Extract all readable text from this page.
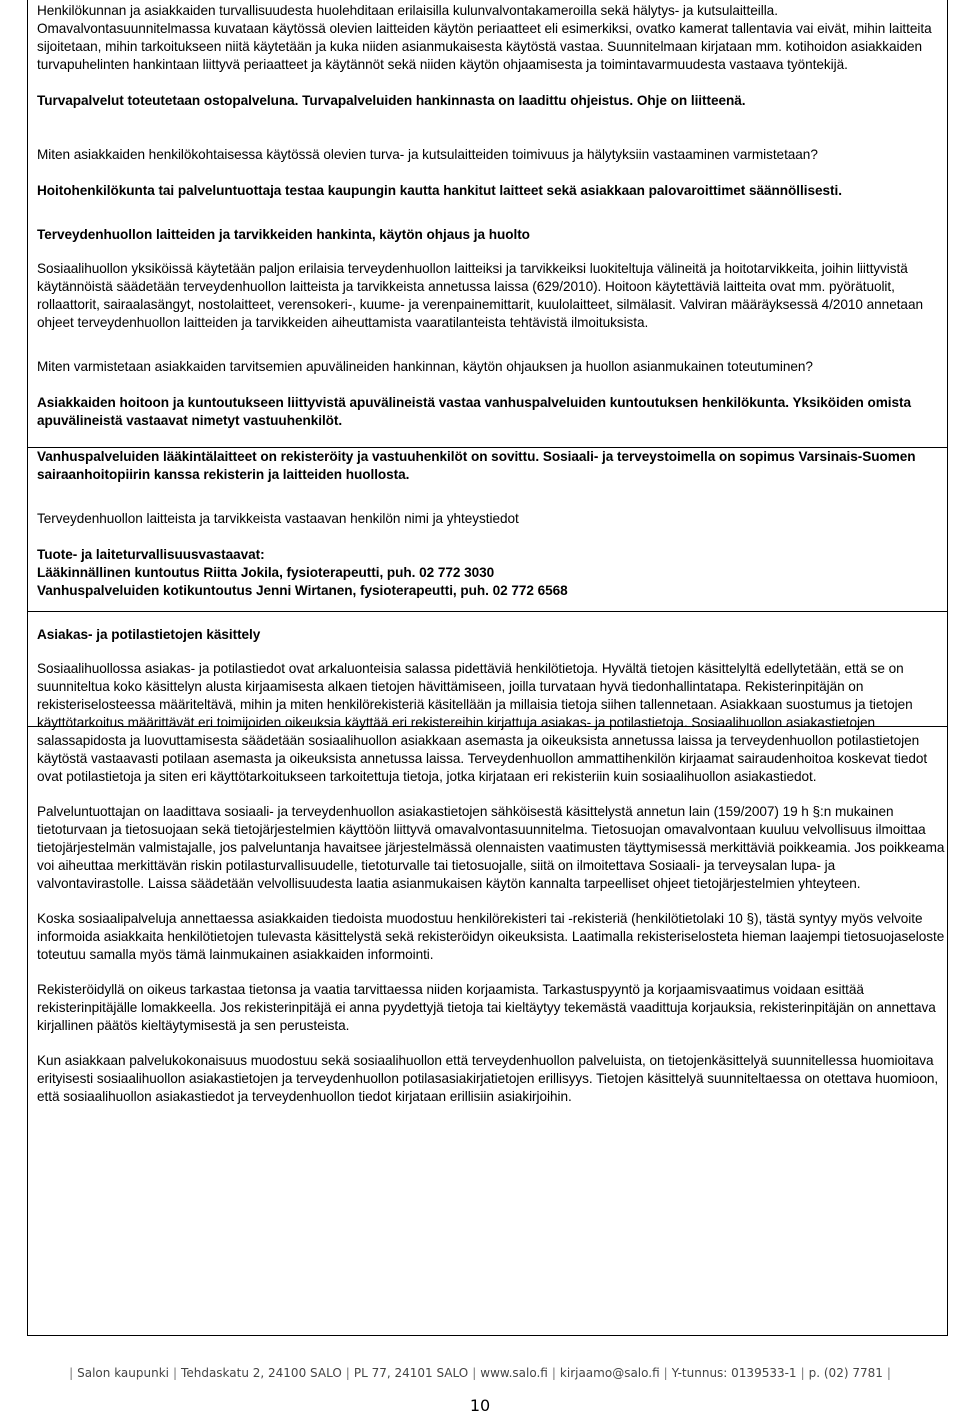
Henkilökunnan ja asiakkaiden turvallisuudesta huolehditaan erilaisilla kulunvalvontakameroilla sekä hälytys- ja kutsulaitteilla. Omavalvontasuunnitelmassa kuvataan käytössä olevien laitteiden käytön periaatteet eli esimerkiksi, ovatko kamerat tallentavia vai eivät, mihin laitteita sijoitetaan, mihin tarkoitukseen niitä käytetään ja kuka niiden asianmukaisesta käytöstä vastaa. Suunnitelmaan kirjataan mm. kotihoidon asiakkaiden turvapuhelinten hankintaan liittyvä periaatteet ja käytännöt sekä niiden käytön ohjaamisesta ja toimintavarmuudesta vastaava työntekijä.

Turvapalvelut toteutetaan ostopalveluna. Turvapalveluiden hankinnasta on laadittu ohjeistus. Ohje on liitteenä.

Miten asiakkaiden henkilökohtaisessa käytössä olevien turva- ja kutsulaitteiden toimivuus ja hälytyksiin vastaaminen varmistetaan?

Hoitohenkilökunta tai palveluntuottaja testaa kaupungin kautta hankitut laitteet sekä asiakkaan palovaroittimet säännöllisesti.

Terveydenhuollon laitteiden ja tarvikkeiden hankinta, käytön ohjaus ja huolto

Sosiaalihuollon yksiköissä käytetään paljon erilaisia terveydenhuollon laitteiksi ja tarvikkeiksi luokiteltuja välineitä ja hoitotarvikkeita, joihin liittyvistä käytännöistä säädetään terveydenhuollon laitteista ja tarvikkeista annetussa laissa (629/2010). Hoitoon käytettäviä laitteita ovat mm. pyörätuolit, rollaattorit, sairaalasängyt, nostolaitteet, verensokeri-, kuume- ja verenpainemittarit, kuulolaitteet, silmälasit. Valviran määräyksessä 4/2010 annetaan ohjeet terveydenhuollon laitteiden ja tarvikkeiden aiheuttamista vaaratilanteista tehtävistä ilmoituksista.

Miten varmistetaan asiakkaiden tarvitsemien apuvälineiden hankinnan, käytön ohjauksen ja huollon asianmukainen toteutuminen?

Asiakkaiden hoitoon ja kuntoutukseen liittyvistä apuvälineistä vastaa vanhuspalveluiden kuntoutuksen henkilökunta. Yksiköiden omista apuvälineistä vastaavat nimetyt vastuuhenkilöt.

Vanhuspalveluiden lääkintälaitteet on rekisteröity ja vastuuhenkilöt on sovittu. Sosiaali- ja terveystoimella on sopimus Varsinais-Suomen sairaanhoitopiirin kanssa rekisterin ja laitteiden huollosta.

Terveydenhuollon laitteista ja tarvikkeista vastaavan henkilön nimi ja yhteystiedot

Tuote- ja laiteturvallisuusvastaavat:

Lääkinnällinen kuntoutus Riitta Jokila, fysioterapeutti, puh. 02 772 3030

Vanhuspalveluiden kotikuntoutus Jenni Wirtanen, fysioterapeutti, puh. 02 772 6568

Asiakas- ja potilastietojen käsittely

Sosiaalihuollossa asiakas- ja potilastiedot ovat arkaluonteisia salassa pidettäviä henkilötietoja. Hyvältä tietojen käsittelyltä edellytetään, että se on suunniteltua koko käsittelyn alusta kirjaamisesta alkaen tietojen hävittämiseen, joilla turvataan hyvä tiedonhallintatapa. Rekisterinpitäjän on rekisteriselosteessa määriteltävä, mihin ja miten henkilörekisteriä käsitellään ja millaisia tietoja siihen tallennetaan. Asiakkaan suostumus ja tietojen käyttötarkoitus määrittävät eri toimijoiden oikeuksia käyttää eri rekistereihin kirjattuja asiakas- ja potilastietoja. Sosiaalihuollon asiakastietojen salassapidosta ja luovuttamisesta säädetään sosiaalihuollon asiakkaan asemasta ja oikeuksista annetussa laissa ja terveydenhuollon potilastietojen käytöstä vastaavasti potilaan asemasta ja oikeuksista annetussa laissa. Terveydenhuollon ammattihenkilön kirjaamat sairaudenhoitoa koskevat tiedot ovat potilastietoja ja siten eri käyttötarkoitukseen tarkoitettuja tietoja, jotka kirjataan eri rekisteriin kuin sosiaalihuollon asiakastiedot.

Palveluntuottajan on laadittava sosiaali- ja terveydenhuollon asiakastietojen sähköisestä käsittelystä annetun lain (159/2007) 19 h §:n mukainen tietoturvaan ja tietosuojaan sekä tietojärjestelmien käyttöön liittyvä omavalvontasuunnitelma. Tietosuojan omavalvontaan kuuluu velvollisuus ilmoittaa tietojärjestelmän valmistajalle, jos palveluntanja havaitsee järjestelmässä olennaisten vaatimusten täyttymisessä merkittäviä poikkeamia. Jos poikkeama voi aiheuttaa merkittävän riskin potilasturvallisuudelle, tietoturvalle tai tietosuojalle, siitä on ilmoitettava Sosiaali- ja terveysalan lupa- ja valvontavirastolle. Laissa säädetään velvollisuudesta laatia asianmukaisen käytön kannalta tarpeelliset ohjeet tietojärjestelmien yhteyteen.

Koska sosiaalipalveluja annettaessa asiakkaiden tiedoista muodostuu henkilörekisteri tai -rekisteriä (henkilötietolaki 10 §), tästä syntyy myös velvoite informoida asiakkaita henkilötietojen tulevasta käsittelystä sekä rekisteröidyn oikeuksista. Laatimalla rekisteriselosteta hieman laajempi tietosuojaseloste toteutuu samalla myös tämä lainmukainen asiakkaiden informointi.

Rekisteröidyllä on oikeus tarkastaa tietonsa ja vaatia tarvittaessa niiden korjaamista. Tarkastuspyyntö ja korjaamisvaatimus voidaan esittää rekisterinpitäjälle lomakkeella. Jos rekisterinpitäjä ei anna pyydettyjä tietoja tai kieltäytyy tekemästä vaadittuja korjauksia, rekisterinpitäjän on annettava kirjallinen päätös kieltäytymisestä ja sen perusteista.

Kun asiakkaan palvelukokonaisuus muodostuu sekä sosiaalihuollon että terveydenhuollon palveluista, on tietojenkäsittelyä suunnitellessa huomioitava erityisesti sosiaalihuollon asiakastietojen ja terveydenhuollon potilasasiakirjatietojen erillisyys. Tietojen käsittelyä suunniteltaessa on otettava huomioon, että sosiaalihuollon asiakastiedot ja terveydenhuollon tiedot kirjataan erillisiin asiakirjoihin.

| Salon kaupunki | Tehdaskatu 2, 24100 SALO | PL 77, 24101 SALO | www.salo.fi | kirjaamo@salo.fi | Y-tunnus: 0139533-1 | p. (02) 7781 |
10
